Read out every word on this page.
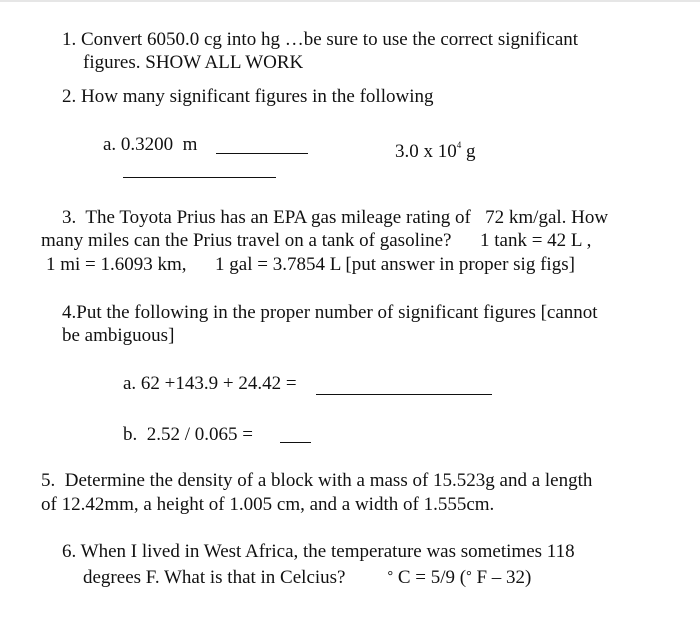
1. Convert 6050.0 cg into hg …be sure to use the correct significant
figures. SHOW ALL WORK
2. How many significant figures in the following
a. 0.3200  m	3.0 x $10^4$ g
3.  The Toyota Prius has an EPA gas mileage rating of   72 km/gal. How
many miles can the Prius travel on a tank of gasoline?      1 tank = 42 L ,
1 mi = 1.6093 km,      1 gal = 3.7854 L [put answer in proper sig figs]
4.Put the following in the proper number of significant figures [cannot
be ambiguous]
a. 62 +143.9 + 24.42 =
b.  2.52 / 0.065 =
5.  Determine the density of a block with a mass of 15.523g and a length
of 12.42mm, a height of 1.005 cm, and a width of 1.555cm.
6. When I lived in West Africa, the temperature was sometimes 118
degrees F. What is that in Celcius?	° C = 5/9 (° F – 32)
